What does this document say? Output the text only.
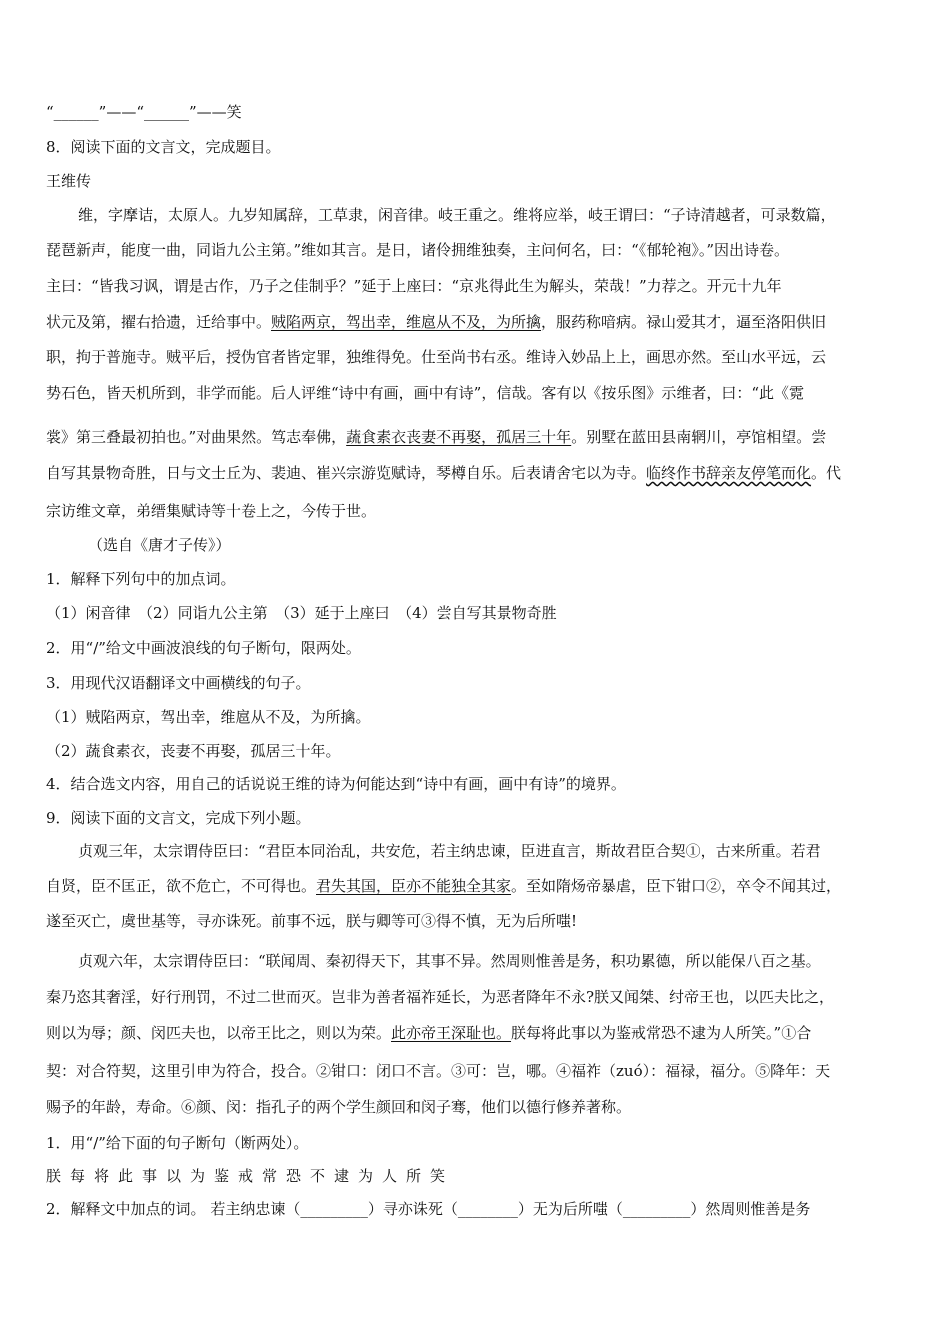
“______”——“______”——笑
8．阅读下面的文言文，完成题目。
王维传
维，字摩诘，太原人。九岁知属辞，工草隶，闲音律。岐王重之。维将应举，岐王谓曰：“子诗清越者，可录数篇，
琵琶新声，能度一曲，同诣九公主第。”维如其言。是日，诸伶拥维独奏，主问何名，曰：“《郁轮袍》。”因出诗卷。
主曰：“皆我习讽，谓是古作，乃子之佳制乎？”延于上座曰：“京兆得此生为解头，荣哉！”力荐之。开元十九年
状元及第，擢右拾遗，迁给事中。贼陷两京，驾出幸，维扈从不及，为所擒，服药称喑病。禄山爱其才，逼至洛阳供旧
职，拘于普施寺。贼平后，授伪官者皆定罪，独维得免。仕至尚书右丞。维诗入妙品上上，画思亦然。至山水平远，云
势石色，皆天机所到，非学而能。后人评维“诗中有画，画中有诗”，信哉。客有以《按乐图》示维者，曰：“此《霓
裳》第三叠最初拍也。”对曲果然。笃志奉佛，蔬食素衣丧妻不再娶，孤居三十年。别墅在蓝田县南辋川，亭馆相望。尝
自写其景物奇胜，日与文士丘为、裴迪、崔兴宗游览赋诗，琴樽自乐。后表请舍宅以为寺。临终作书辞亲友停笔而化。代
宗访维文章，弟缙集赋诗等十卷上之，今传于世。
（选自《唐才子传》）
1．解释下列句中的加点词。
（1）闲音律　（2）同诣九公主第　（3）延于上座曰　（4）尝自写其景物奇胜
2．用“/”给文中画波浪线的句子断句，限两处。
3．用现代汉语翻译文中画横线的句子。
（1）贼陷两京，驾出幸，维扈从不及，为所擒。
（2）蔬食素衣，丧妻不再娶，孤居三十年。
4．结合选文内容，用自己的话说说王维的诗为何能达到“诗中有画，画中有诗”的境界。
9．阅读下面的文言文，完成下列小题。
贞观三年，太宗谓侍臣曰：“君臣本同治乱，共安危，若主纳忠谏，臣进直言，斯故君臣合契①，古来所重。若君
自贤，臣不匡正，欲不危亡，不可得也。君失其国，臣亦不能独全其家。至如隋炀帝暴虐，臣下钳口②，卒令不闻其过，
遂至灭亡，虞世基等，寻亦诛死。前事不远，朕与卿等可③得不慎，无为后所嗤!
贞观六年，太宗谓侍臣曰：“联闻周、秦初得天下，其事不异。然周则惟善是务，积功累德，所以能保八百之基。
秦乃恣其奢淫，好行刑罚，不过二世而灭。岂非为善者福祚延长，为恶者降年不永?朕又闻桀、纣帝王也，以匹夫比之，
则以为辱；颜、闵匹夫也，以帝王比之，则以为荣。此亦帝王深耻也。朕每将此事以为鉴戒常恐不逮为人所笑。”①合
契：对合符契，这里引申为符合，投合。②钳口：闭口不言。③可：岂，哪。④福祚（zuó）：福禄，福分。⑤降年：天
赐予的年龄，寿命。⑥颜、闵：指孔子的两个学生颜回和闵子骞，他们以德行修养著称。
1．用“/”给下面的句子断句（断两处）。
朕每将此事以为鉴戒常恐不逮为人所笑
2．解释文中加点的词。 若主纳忠谏（_________）寻亦诛死（________）无为后所嗤（_________）然周则惟善是务
